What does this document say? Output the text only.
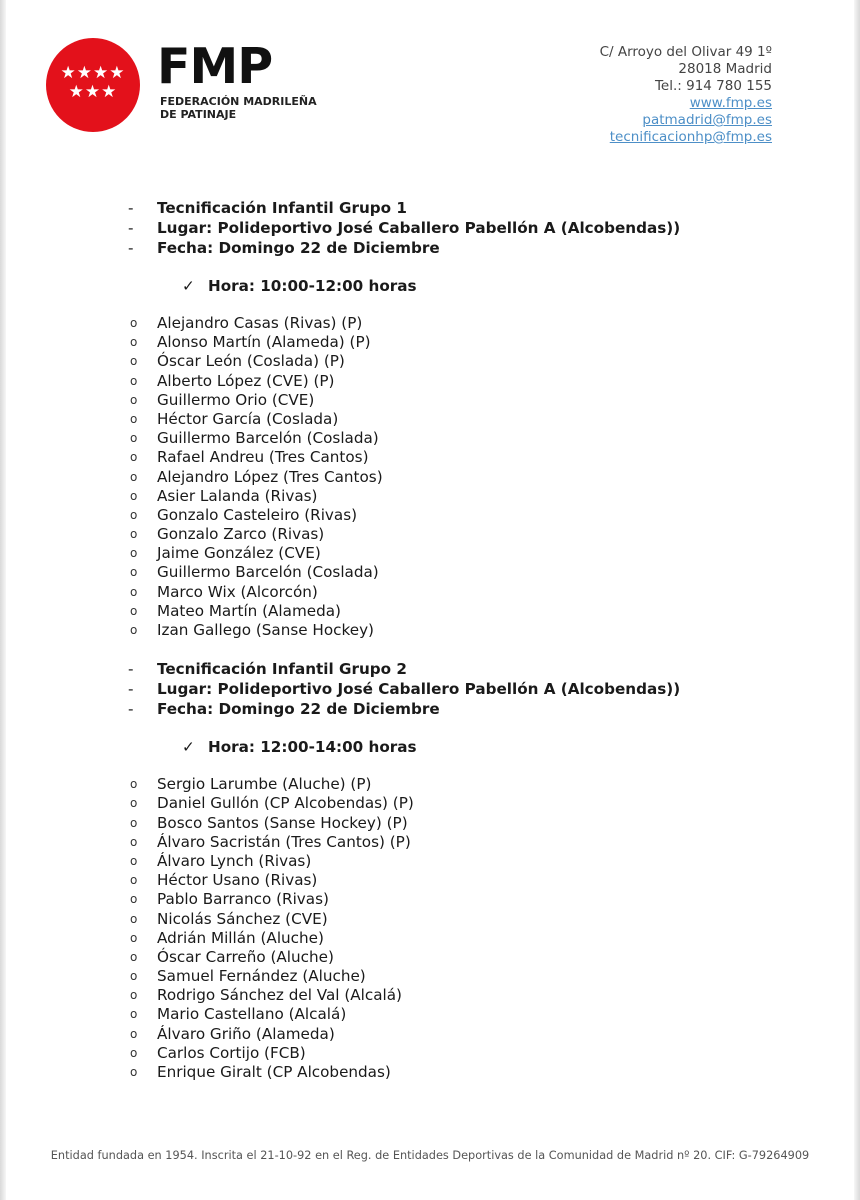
★★★★
★★★ FMP
FEDERACIÓN MADRILEÑA
DE PATINAJE
C/ Arroyo del Olivar 49 1º
28018 Madrid
Tel.: 914 780 155
www.fmp.es
patmadrid@fmp.es
tecnificacionhp@fmp.es
-	Tecnificación Infantil Grupo 1
-	Lugar: Polideportivo José Caballero Pabellón A (Alcobendas))
-	Fecha: Domingo 22 de Diciembre
✓ Hora: 10:00-12:00 horas
o Alejandro Casas (Rivas) (P)
o Alonso Martín (Alameda) (P)
o Óscar León (Coslada) (P)
o Alberto López (CVE) (P)
o Guillermo Orio (CVE)
o Héctor García (Coslada)
o Guillermo Barcelón (Coslada)
o Rafael Andreu (Tres Cantos)
o Alejandro López (Tres Cantos)
o Asier Lalanda (Rivas)
o Gonzalo Casteleiro (Rivas)
o Gonzalo Zarco (Rivas)
o Jaime González (CVE)
o Guillermo Barcelón (Coslada)
o Marco Wix (Alcorcón)
o Mateo Martín (Alameda)
o Izan Gallego (Sanse Hockey)
-	Tecnificación Infantil Grupo 2
-	Lugar: Polideportivo José Caballero Pabellón A (Alcobendas))
-	Fecha: Domingo 22 de Diciembre
✓ Hora: 12:00-14:00 horas
o Sergio Larumbe (Aluche) (P)
o Daniel Gullón (CP Alcobendas) (P)
o Bosco Santos (Sanse Hockey) (P)
o Álvaro Sacristán (Tres Cantos) (P)
o Álvaro Lynch (Rivas)
o Héctor Usano (Rivas)
o Pablo Barranco (Rivas)
o Nicolás Sánchez (CVE)
o Adrián Millán (Aluche)
o Óscar Carreño (Aluche)
o Samuel Fernández (Aluche)
o Rodrigo Sánchez del Val (Alcalá)
o Mario Castellano (Alcalá)
o Álvaro Griño (Alameda)
o Carlos Cortijo (FCB)
o Enrique Giralt (CP Alcobendas)
Entidad fundada en 1954. Inscrita el 21-10-92 en el Reg. de Entidades Deportivas de la Comunidad de Madrid nº 20. CIF: G-79264909
